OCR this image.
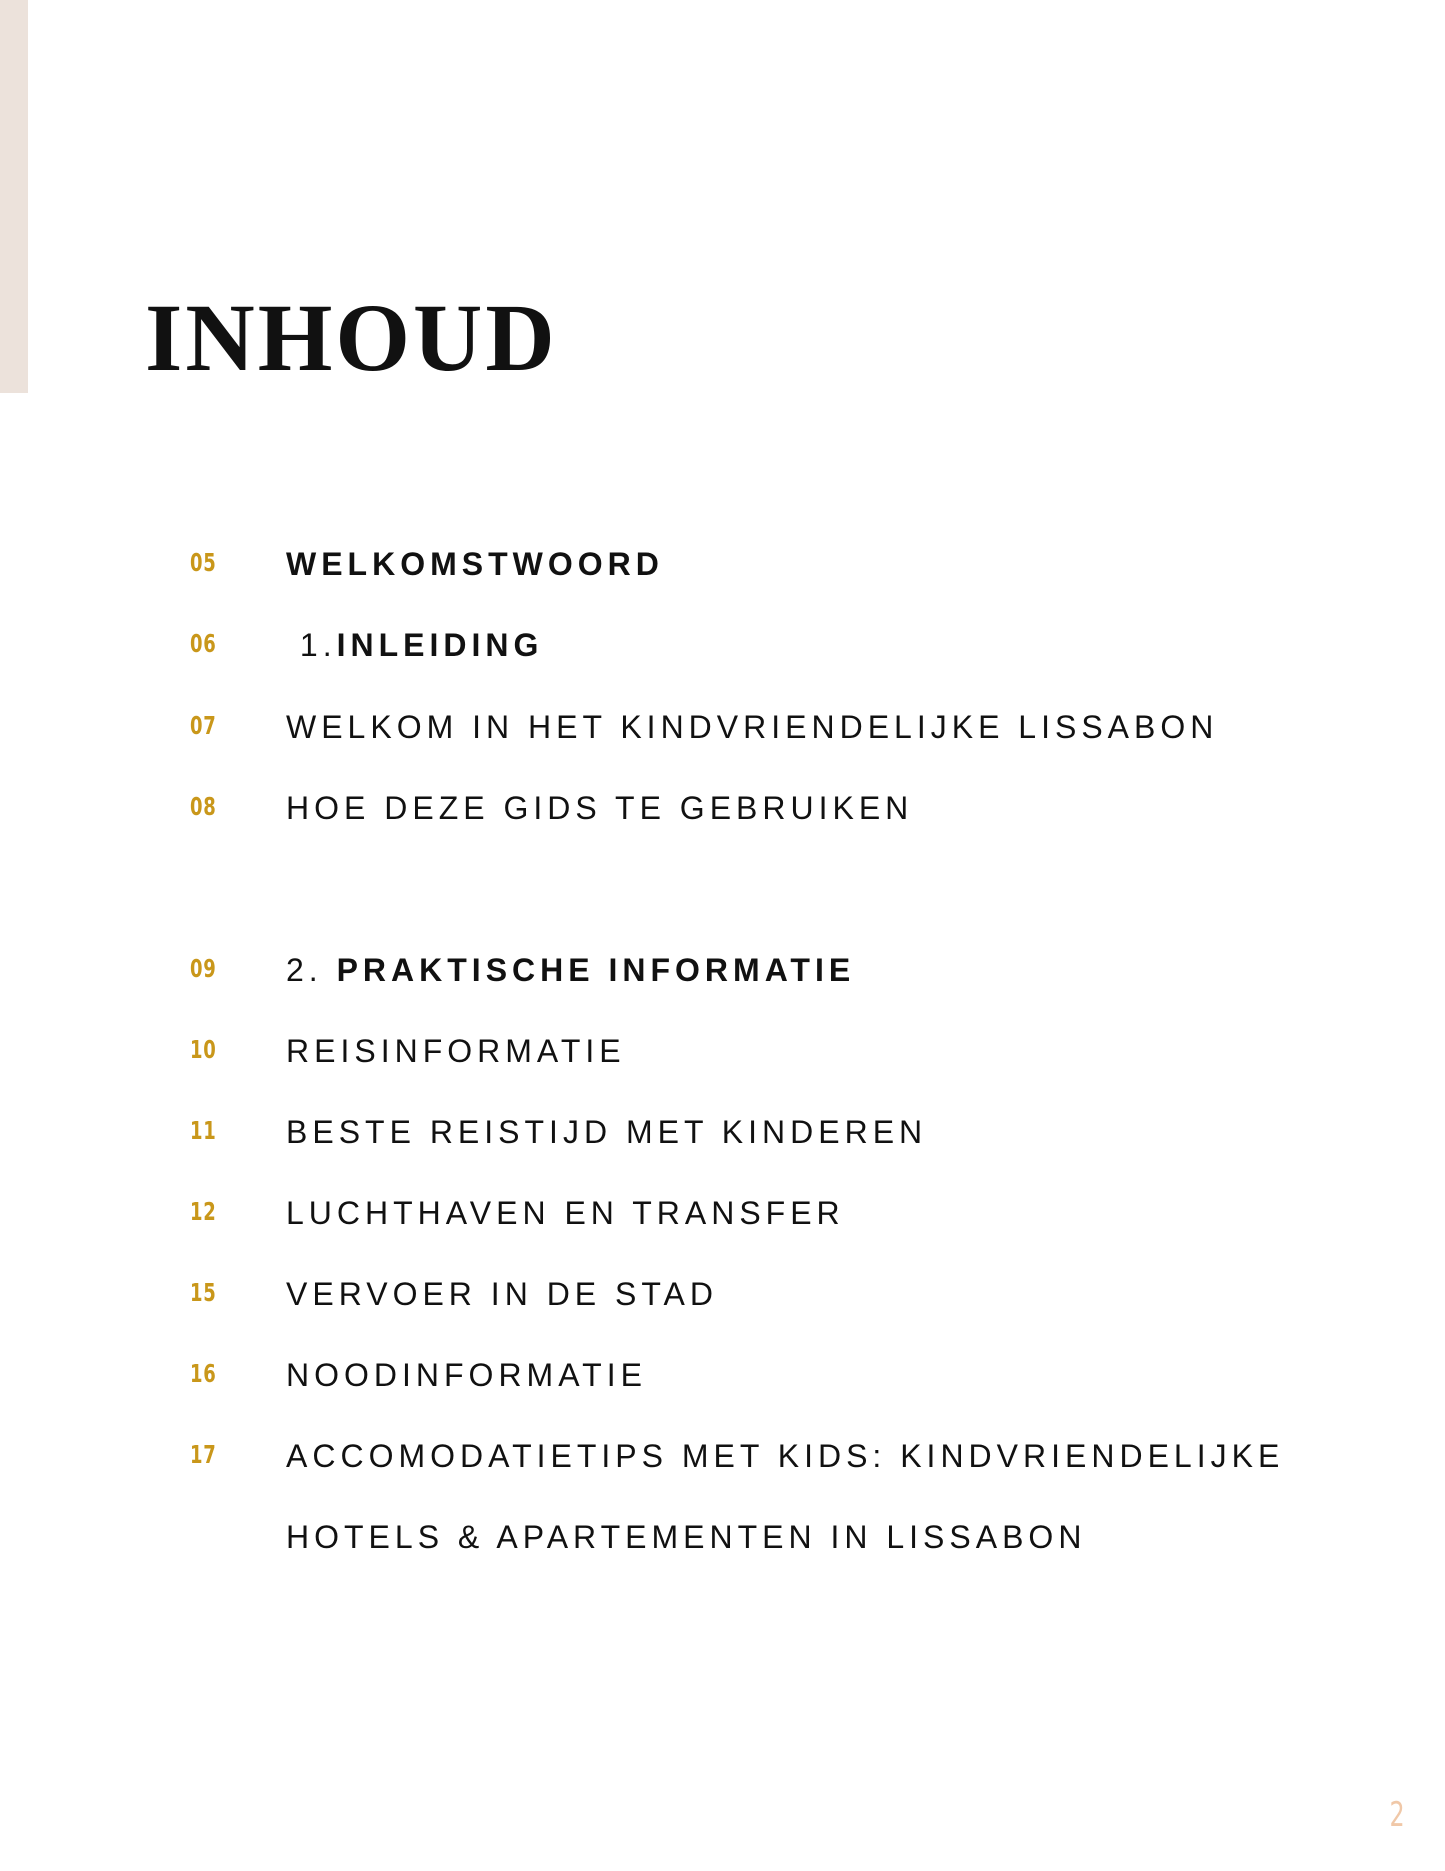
INHOUD
05 WELKOMSTWOORD
06 1.INLEIDING
07 WELKOM IN HET KINDVRIENDELIJKE LISSABON
08 HOE DEZE GIDS TE GEBRUIKEN
09 2. PRAKTISCHE INFORMATIE
10 REISINFORMATIE
11 BESTE REISTIJD MET KINDEREN
12 LUCHTHAVEN EN TRANSFER
15 VERVOER IN DE STAD
16 NOODINFORMATIE
17 ACCOMODATIETIPS MET KIDS: KINDVRIENDELIJKE
HOTELS & APARTEMENTEN IN LISSABON
2
